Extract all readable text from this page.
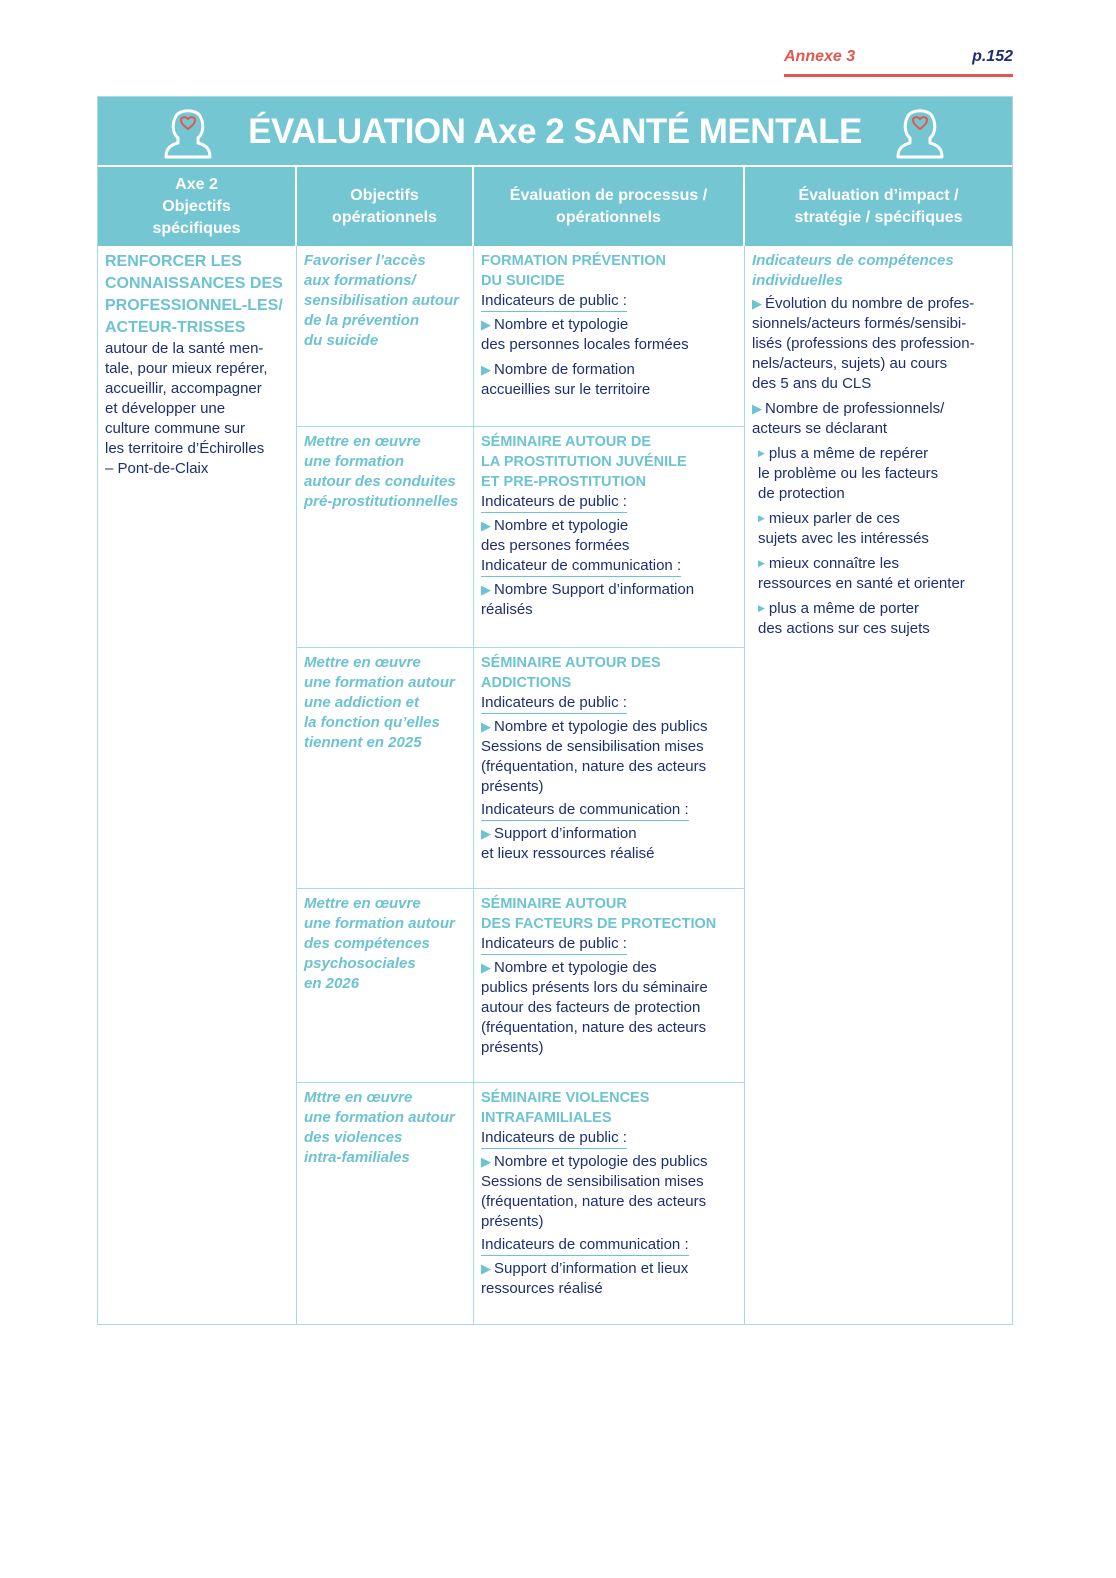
Annexe 3	p.152
ÉVALUATION Axe 2 SANTÉ MENTALE
Axe 2
Objectifs
spécifiques
Objectifs
opérationnels
Évaluation de processus /
opérationnels
Évaluation d’impact /
stratégie / spécifiques
RENFORCER LES
CONNAISSANCES DES
PROFESSIONNEL-LES/
ACTEUR-TRISSES
autour de la santé men-
tale, pour mieux repérer,
accueillir, accompagner
et développer une
culture commune sur
les territoire d’Échirolles
– Pont-de-Claix
Favoriser l’accès
aux formations/
sensibilisation autour
de la prévention
du suicide
FORMATION PRÉVENTION
DU SUICIDE
Indicateurs de public :
▶ Nombre et typologie
des personnes locales formées
▶ Nombre de formation
accueillies sur le territoire
Mettre en œuvre
une formation
autour des conduites
pré-prostitutionnelles
SÉMINAIRE AUTOUR DE
LA PROSTITUTION JUVÉNILE
ET PRE-PROSTITUTION
Indicateurs de public :
▶ Nombre et typologie
des persones formées
Indicateur de communication :
▶ Nombre Support d’information
réalisés
Mettre en œuvre
une formation autour
une addiction et
la fonction qu’elles
tiennent en 2025
SÉMINAIRE AUTOUR DES
ADDICTIONS
Indicateurs de public :
▶ Nombre et typologie des publics
Sessions de sensibilisation mises
(fréquentation, nature des acteurs
présents)
Indicateurs de communication :
▶ Support d’information
et lieux ressources réalisé
Mettre en œuvre
une formation autour
des compétences
psychosociales
en 2026
SÉMINAIRE AUTOUR
DES FACTEURS DE PROTECTION
Indicateurs de public :
▶ Nombre et typologie des
publics présents lors du séminaire
autour des facteurs de protection
(fréquentation, nature des acteurs
présents)
Mttre en œuvre
une formation autour
des violences
intra-familiales
SÉMINAIRE VIOLENCES
INTRAFAMILIALES
Indicateurs de public :
▶ Nombre et typologie des publics
Sessions de sensibilisation mises
(fréquentation, nature des acteurs
présents)
Indicateurs de communication :
▶ Support d’information et lieux
ressources réalisé
Indicateurs de compétences
individuelles
▶ Évolution du nombre de profes-
sionnels/acteurs formés/sensibi-
lisés (professions des profession-
nels/acteurs, sujets) au cours
des 5 ans du CLS
▶ Nombre de professionnels/
acteurs se déclarant
▶ plus a même de repérer
le problème ou les facteurs
de protection
▶ mieux parler de ces
sujets avec les intéressés
▶ mieux connaître les
ressources en santé et orienter
▶ plus a même de porter
des actions sur ces sujets
